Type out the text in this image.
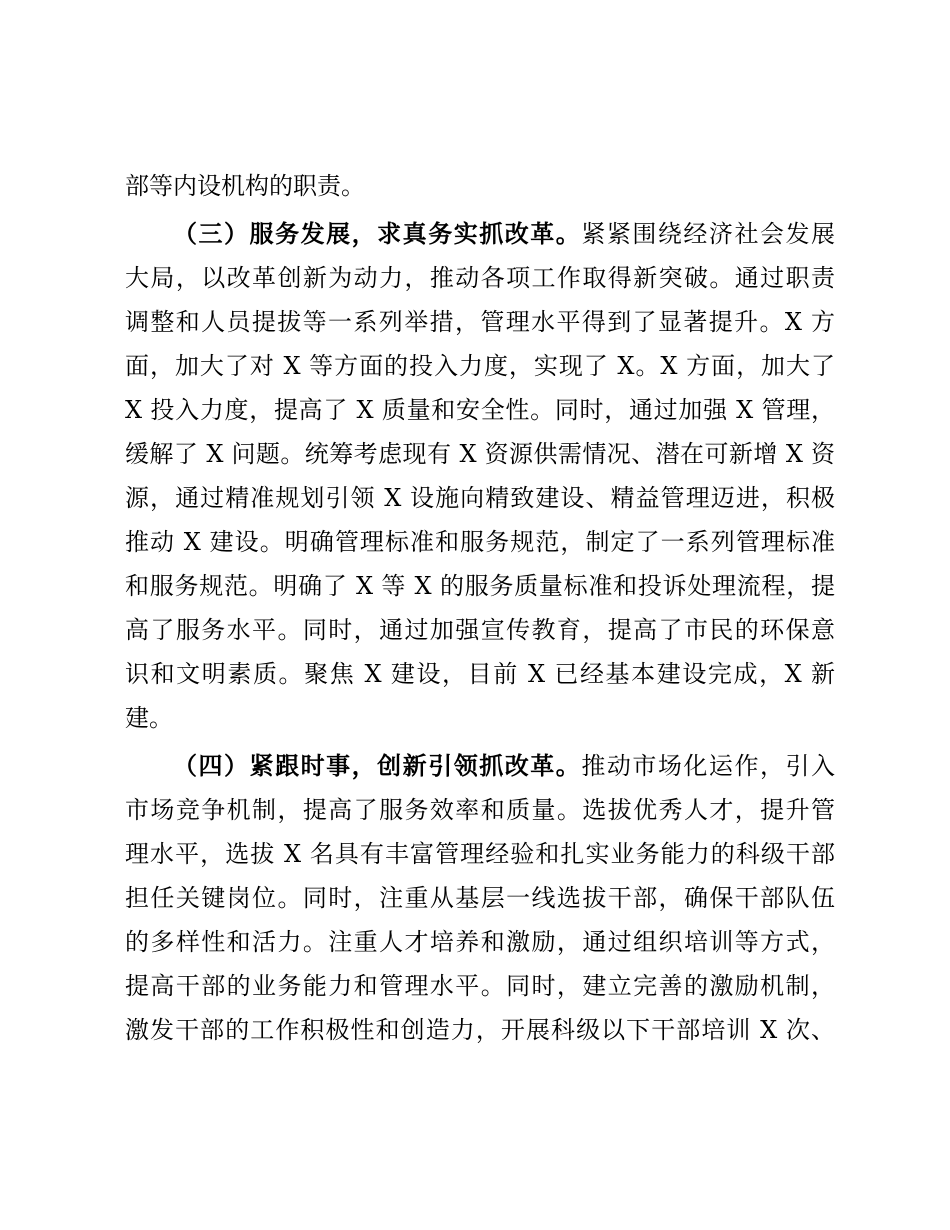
部等内设机构的职责。
（三）服务发展，求真务实抓改革。紧紧围绕经济社会发展
大局，以改革创新为动力，推动各项工作取得新突破。通过职责
调整和人员提拔等一系列举措，管理水平得到了显著提升。X 方
面，加大了对 X 等方面的投入力度，实现了 X。X 方面，加大了
X 投入力度，提高了 X 质量和安全性。同时，通过加强 X 管理，
缓解了 X 问题。统筹考虑现有 X 资源供需情况、潜在可新增 X 资
源，通过精准规划引领 X 设施向精致建设、精益管理迈进，积极
推动 X 建设。明确管理标准和服务规范，制定了一系列管理标准
和服务规范。明确了 X 等 X 的服务质量标准和投诉处理流程，提
高了服务水平。同时，通过加强宣传教育，提高了市民的环保意
识和文明素质。聚焦 X 建设，目前 X 已经基本建设完成，X 新
建。
（四）紧跟时事，创新引领抓改革。推动市场化运作，引入
市场竞争机制，提高了服务效率和质量。选拔优秀人才，提升管
理水平，选拔 X 名具有丰富管理经验和扎实业务能力的科级干部
担任关键岗位。同时，注重从基层一线选拔干部，确保干部队伍
的多样性和活力。注重人才培养和激励，通过组织培训等方式，
提高干部的业务能力和管理水平。同时，建立完善的激励机制，
激发干部的工作积极性和创造力，开展科级以下干部培训 X 次、
